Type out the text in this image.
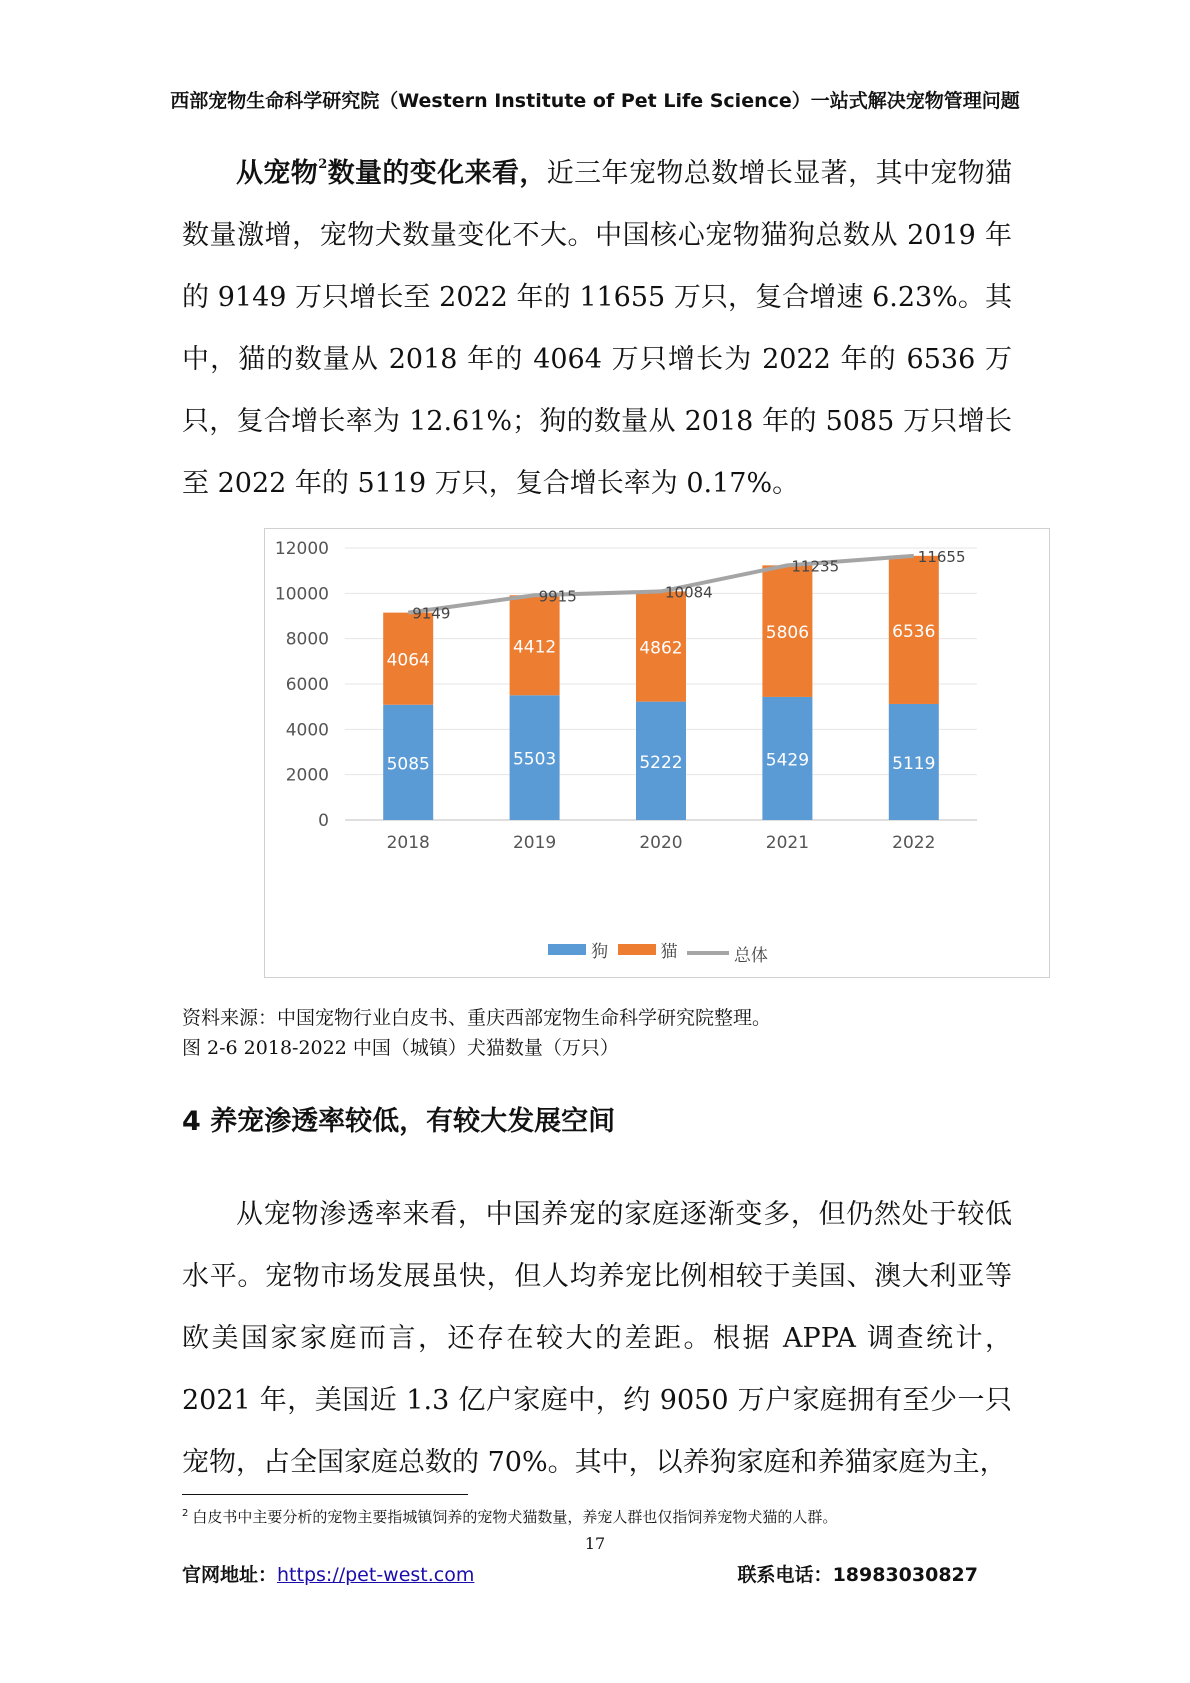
西部宠物生命科学研究院（Western Institute of Pet Life Science）一站式解决宠物管理问题

从宠物$^2$数量的变化来看，近三年宠物总数增长显著，其中宠物猫数量激增，宠物犬数量变化不大。中国核心宠物猫狗总数从 2019 年的 9149 万只增长至 2022 年的 11655 万只，复合增速 6.23%。其中，猫的数量从 2018 年的 4064 万只增长为 2022 年的 6536 万只，复合增长率为 12.61%；狗的数量从 2018 年的 5085 万只增长至 2022 年的 5119 万只，复合增长率为 0.17%。

0
2000
4000
6000
8000
10000
12000
5085
4064
2018
5503
4412
2019
5222
4862
2020
5429
5806
2021
5119
6536
2022
9149
9915	10084
11235
11655
狗
	猫
	总体
资料来源：中国宠物行业白皮书、重庆西部宠物生命科学研究院整理。
图 2-6 2018-2022 中国（城镇）犬猫数量（万只）
4 养宠渗透率较低，有较大发展空间

从宠物渗透率来看，中国养宠的家庭逐渐变多，但仍然处于较低水平。宠物市场发展虽快，但人均养宠比例相较于美国、澳大利亚等欧美国家家庭而言，还存在较大的差距。根据 APPA 调查统计，2021 年，美国近 1.3 亿户家庭中，约 9050 万户家庭拥有至少一只宠物，占全国家庭总数的 70%。其中，以养狗家庭和养猫家庭为主，

$^2$ 白皮书中主要分析的宠物主要指城镇饲养的宠物犬猫数量，养宠人群也仅指饲养宠物犬猫的人群。
17
官网地址：https://pet-west.com	联系电话：18983030827
